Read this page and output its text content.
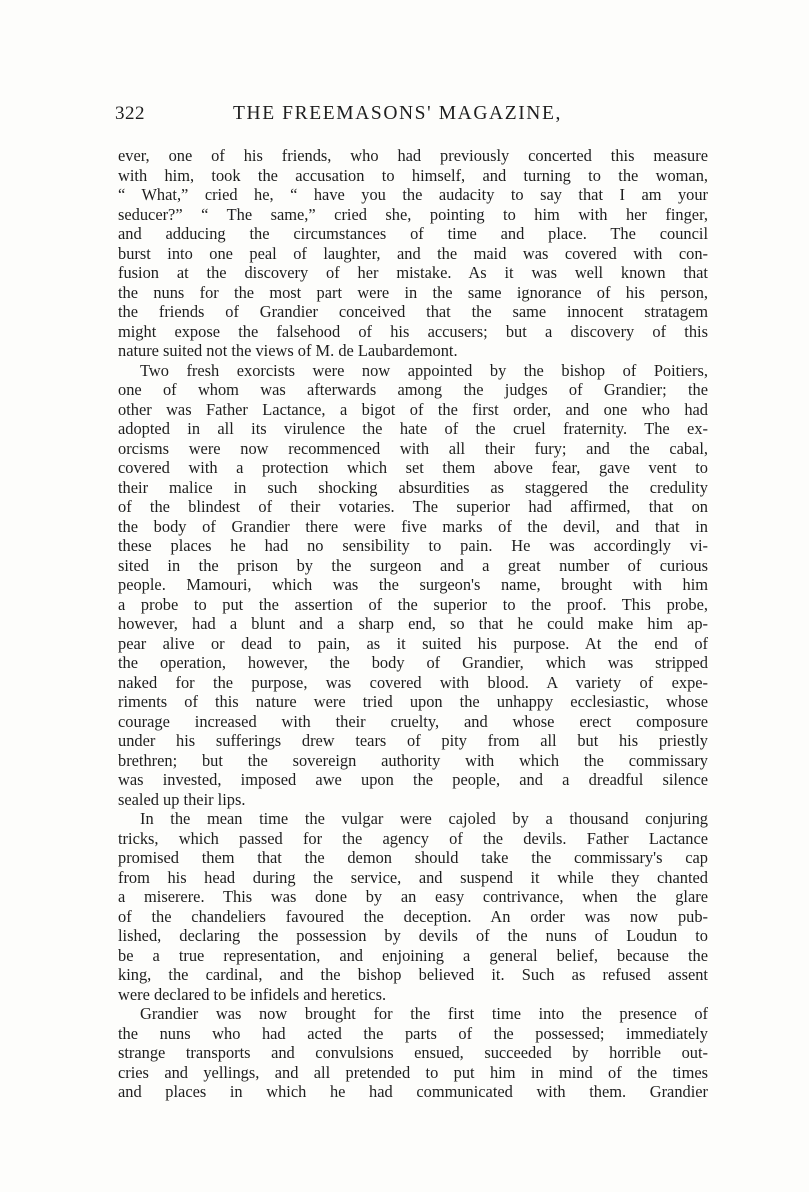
322	THE FREEMASONS' MAGAZINE,
ever, one of his friends, who had previously concerted this measure
with him, took the accusation to himself, and turning to the woman,
“ What,” cried he, “ have you the audacity to say that I am your
seducer?” “ The same,” cried she, pointing to him with her finger,
and adducing the circumstances of time and place. The council
burst into one peal of laughter, and the maid was covered with con-
fusion at the discovery of her mistake. As it was well known that
the nuns for the most part were in the same ignorance of his person,
the friends of Grandier conceived that the same innocent stratagem
might expose the falsehood of his accusers; but a discovery of this
nature suited not the views of M. de Laubardemont.
Two fresh exorcists were now appointed by the bishop of Poitiers,
one of whom was afterwards among the judges of Grandier; the
other was Father Lactance, a bigot of the first order, and one who had
adopted in all its virulence the hate of the cruel fraternity. The ex-
orcisms were now recommenced with all their fury; and the cabal,
covered with a protection which set them above fear, gave vent to
their malice in such shocking absurdities as staggered the credulity
of the blindest of their votaries. The superior had affirmed, that on
the body of Grandier there were five marks of the devil, and that in
these places he had no sensibility to pain. He was accordingly vi-
sited in the prison by the surgeon and a great number of curious
people. Mamouri, which was the surgeon's name, brought with him
a probe to put the assertion of the superior to the proof. This probe,
however, had a blunt and a sharp end, so that he could make him ap-
pear alive or dead to pain, as it suited his purpose. At the end of
the operation, however, the body of Grandier, which was stripped
naked for the purpose, was covered with blood. A variety of expe-
riments of this nature were tried upon the unhappy ecclesiastic, whose
courage increased with their cruelty, and whose erect composure
under his sufferings drew tears of pity from all but his priestly
brethren; but the sovereign authority with which the commissary
was invested, imposed awe upon the people, and a dreadful silence
sealed up their lips.
In the mean time the vulgar were cajoled by a thousand conjuring
tricks, which passed for the agency of the devils. Father Lactance
promised them that the demon should take the commissary's cap
from his head during the service, and suspend it while they chanted
a miserere. This was done by an easy contrivance, when the glare
of the chandeliers favoured the deception. An order was now pub-
lished, declaring the possession by devils of the nuns of Loudun to
be a true representation, and enjoining a general belief, because the
king, the cardinal, and the bishop believed it. Such as refused assent
were declared to be infidels and heretics.
Grandier was now brought for the first time into the presence of
the nuns who had acted the parts of the possessed; immediately
strange transports and convulsions ensued, succeeded by horrible out-
cries and yellings, and all pretended to put him in mind of the times
and places in which he had communicated with them. Grandier
